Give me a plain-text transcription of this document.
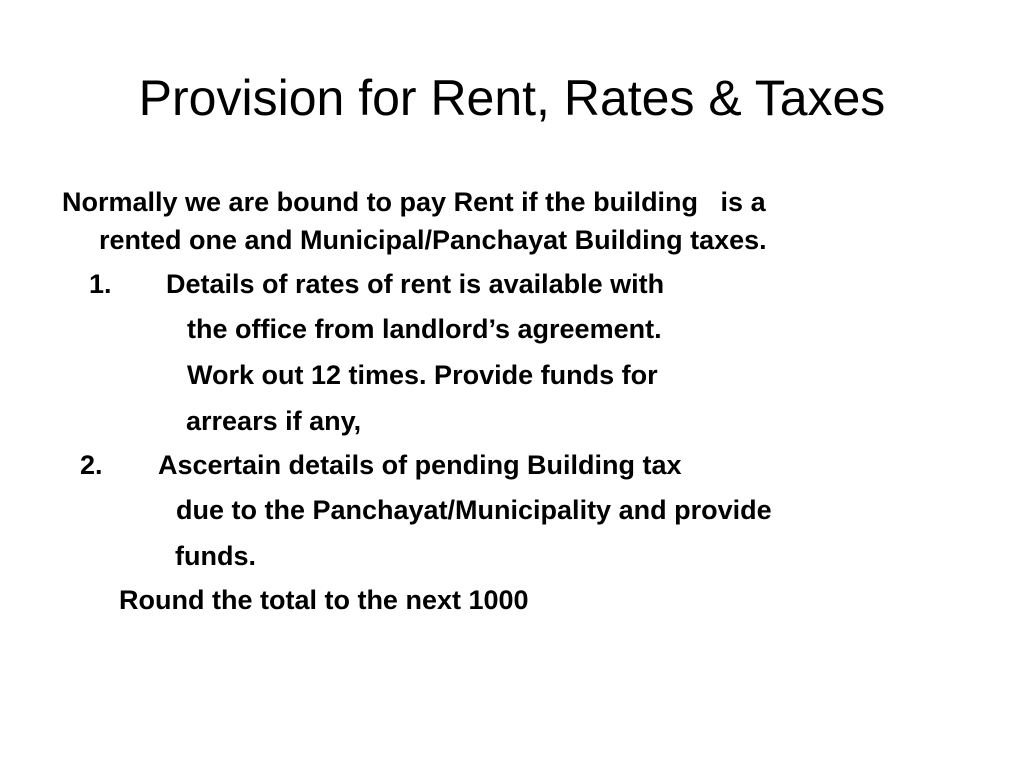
Provision for Rent, Rates & Taxes

Normally we are bound to pay Rent if the building   is a

rented one and Municipal/Panchayat Building taxes.

1. Details of rates of rent is available with

the office from landlord’s agreement.

Work out 12 times. Provide funds for

arrears if any,

2. Ascertain details of pending Building tax

due to the Panchayat/Municipality and provide

funds.

Round the total to the next 1000
